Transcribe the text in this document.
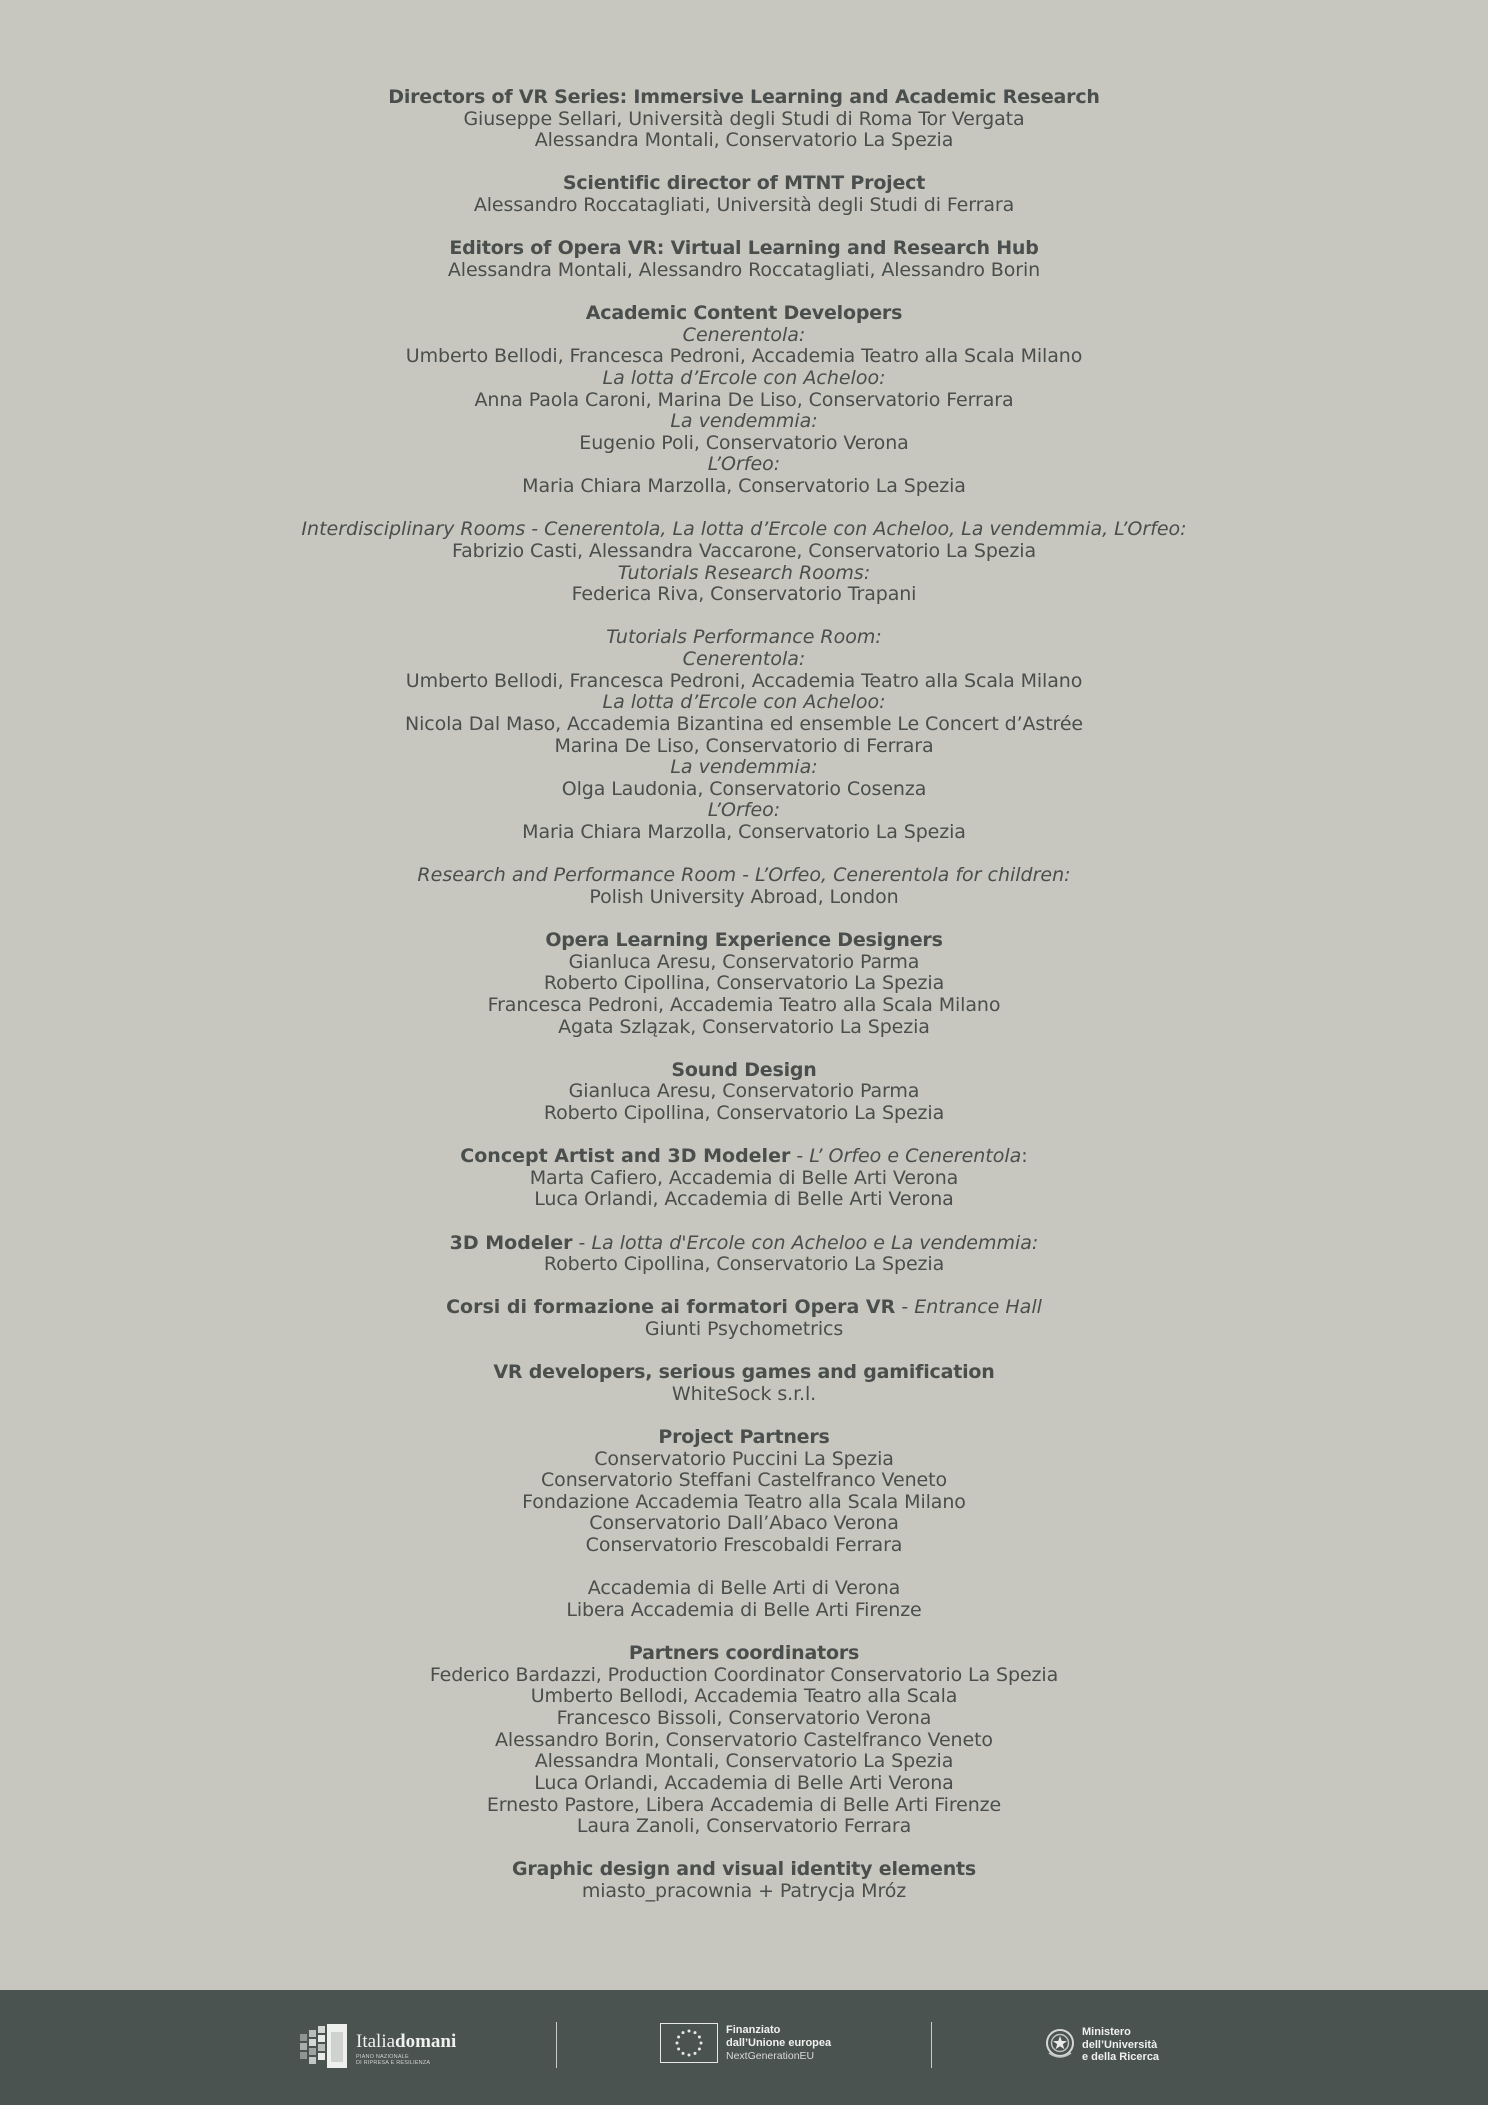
Directors of VR Series: Immersive Learning and Academic Research
Giuseppe Sellari, Università degli Studi di Roma Tor Vergata
Alessandra Montali, Conservatorio La Spezia
Scientific director of MTNT Project
Alessandro Roccatagliati, Università degli Studi di Ferrara
Editors of Opera VR: Virtual Learning and Research Hub
Alessandra Montali, Alessandro Roccatagliati, Alessandro Borin
Academic Content Developers
Cenerentola:
Umberto Bellodi, Francesca Pedroni, Accademia Teatro alla Scala Milano
La lotta d’Ercole con Acheloo:
Anna Paola Caroni, Marina De Liso, Conservatorio Ferrara
La vendemmia:
Eugenio Poli, Conservatorio Verona
L’Orfeo:
Maria Chiara Marzolla, Conservatorio La Spezia
Interdisciplinary Rooms - Cenerentola, La lotta d’Ercole con Acheloo, La vendemmia, L’Orfeo:
Fabrizio Casti, Alessandra Vaccarone, Conservatorio La Spezia
Tutorials Research Rooms:
Federica Riva, Conservatorio Trapani
Tutorials Performance Room:
Cenerentola:
Umberto Bellodi, Francesca Pedroni, Accademia Teatro alla Scala Milano
La lotta d’Ercole con Acheloo:
Nicola Dal Maso, Accademia Bizantina ed ensemble Le Concert d’Astrée
Marina De Liso, Conservatorio di Ferrara
La vendemmia:
Olga Laudonia, Conservatorio Cosenza
L’Orfeo:
Maria Chiara Marzolla, Conservatorio La Spezia
Research and Performance Room - L’Orfeo, Cenerentola for children:
Polish University Abroad, London
Opera Learning Experience Designers
Gianluca Aresu, Conservatorio Parma
Roberto Cipollina, Conservatorio La Spezia
Francesca Pedroni, Accademia Teatro alla Scala Milano
Agata Szlązak, Conservatorio La Spezia
Sound Design
Gianluca Aresu, Conservatorio Parma
Roberto Cipollina, Conservatorio La Spezia
Concept Artist and 3D Modeler - L’ Orfeo e Cenerentola:
Marta Cafiero, Accademia di Belle Arti Verona
Luca Orlandi, Accademia di Belle Arti Verona
3D Modeler - La lotta d'Ercole con Acheloo e La vendemmia:
Roberto Cipollina, Conservatorio La Spezia
Corsi di formazione ai formatori Opera VR - Entrance Hall
Giunti Psychometrics
VR developers, serious games and gamification
WhiteSock s.r.l.
Project Partners
Conservatorio Puccini La Spezia
Conservatorio Steffani Castelfranco Veneto
Fondazione Accademia Teatro alla Scala Milano
Conservatorio Dall’Abaco Verona
Conservatorio Frescobaldi Ferrara
Accademia di Belle Arti di Verona
Libera Accademia di Belle Arti Firenze
Partners coordinators
Federico Bardazzi, Production Coordinator Conservatorio La Spezia
Umberto Bellodi, Accademia Teatro alla Scala
Francesco Bissoli, Conservatorio Verona
Alessandro Borin, Conservatorio Castelfranco Veneto
Alessandra Montali, Conservatorio La Spezia
Luca Orlandi, Accademia di Belle Arti Verona
Ernesto Pastore, Libera Accademia di Belle Arti Firenze
Laura Zanoli, Conservatorio Ferrara
Graphic design and visual identity elements
miasto_pracownia + Patrycja Mróz
Italiadomani
PIANO NAZIONALE
DI RIPRESA E RESILIENZA
Finanziato
dall’Unione europea
NextGenerationEU
Ministero
dell’Università
e della Ricerca
